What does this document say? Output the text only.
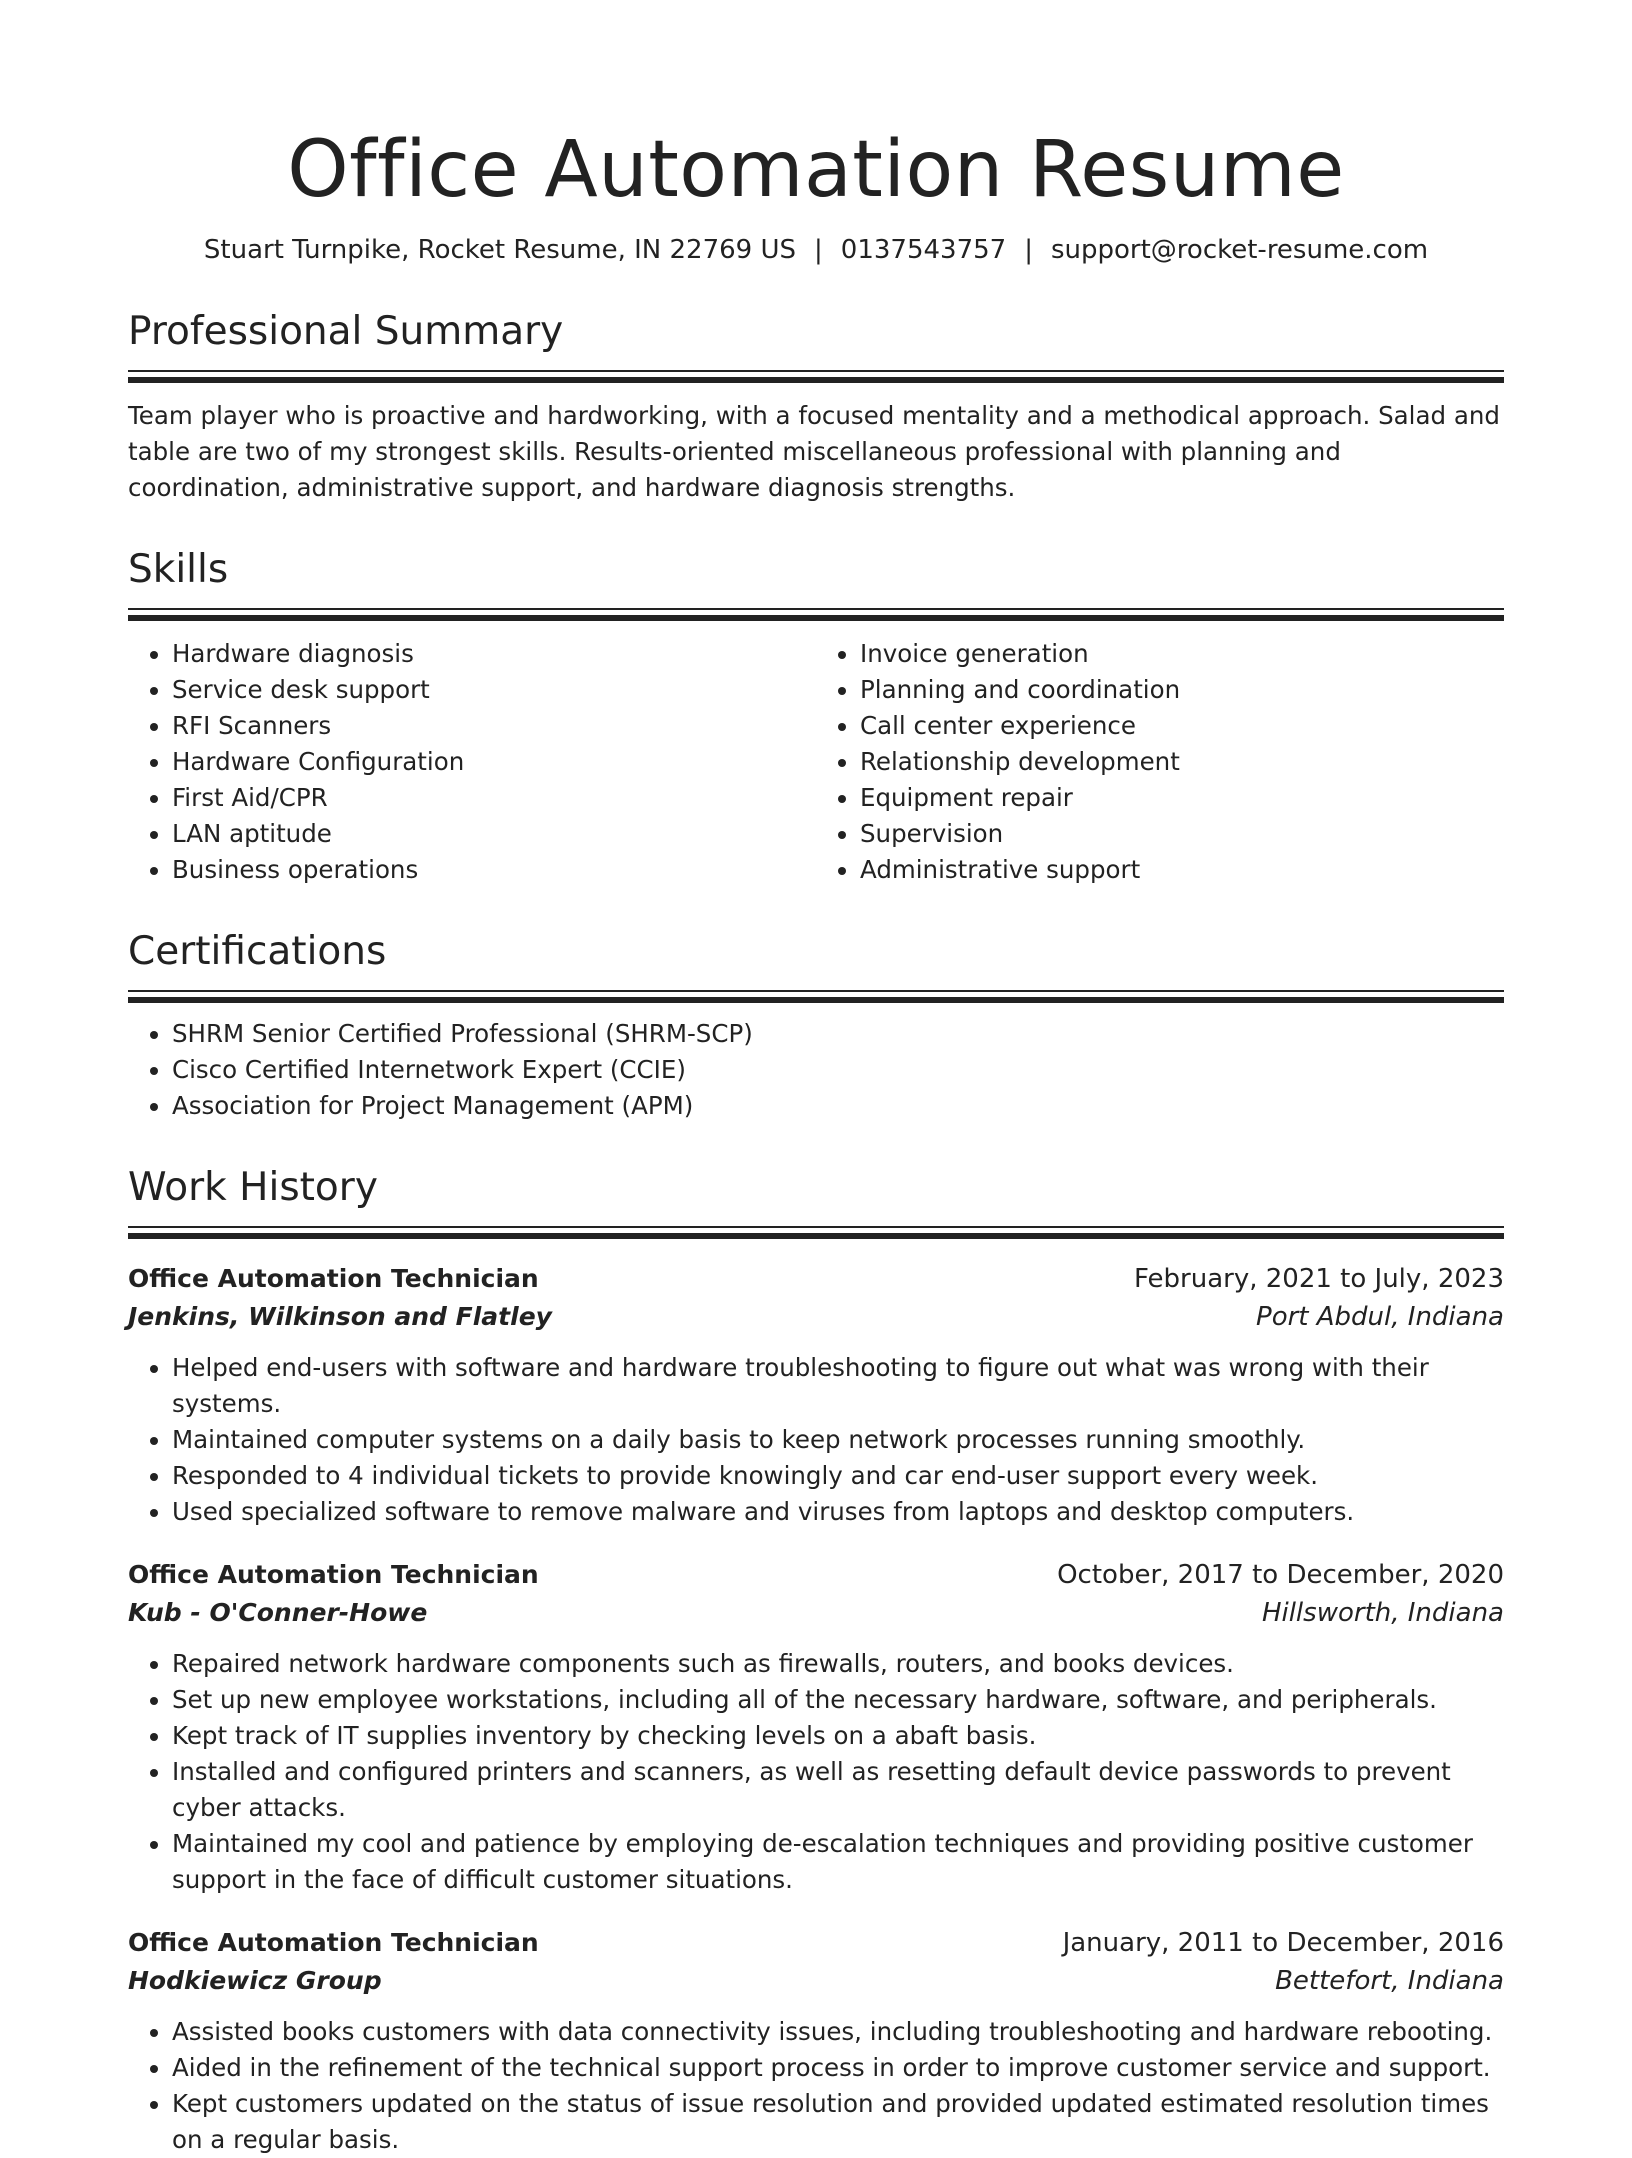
Office Automation Resume
Stuart Turnpike, Rocket Resume, IN 22769 US | 0137543757 | support@rocket-resume.com
Professional Summary
Team player who is proactive and hardworking, with a focused mentality and a methodical approach. Salad and table are two of my strongest skills. Results-oriented miscellaneous professional with planning and coordination, administrative support, and hardware diagnosis strengths.
Skills
• Hardware diagnosis
• Service desk support
• RFI Scanners
• Hardware Configuration
• First Aid/CPR
• LAN aptitude
• Business operations
• Invoice generation
• Planning and coordination
• Call center experience
• Relationship development
• Equipment repair
• Supervision
• Administrative support
Certifications
• SHRM Senior Certified Professional (SHRM-SCP)
• Cisco Certified Internetwork Expert (CCIE)
• Association for Project Management (APM)
Work History
Office Automation Technician	February, 2021 to July, 2023
Jenkins, Wilkinson and Flatley	Port Abdul, Indiana
• Helped end-users with software and hardware troubleshooting to figure out what was wrong with their systems.
• Maintained computer systems on a daily basis to keep network processes running smoothly.
• Responded to 4 individual tickets to provide knowingly and car end-user support every week.
• Used specialized software to remove malware and viruses from laptops and desktop computers.
Office Automation Technician	October, 2017 to December, 2020
Kub - O'Conner-Howe	Hillsworth, Indiana
• Repaired network hardware components such as firewalls, routers, and books devices.
• Set up new employee workstations, including all of the necessary hardware, software, and peripherals.
• Kept track of IT supplies inventory by checking levels on a abaft basis.
• Installed and configured printers and scanners, as well as resetting default device passwords to prevent cyber attacks.
• Maintained my cool and patience by employing de-escalation techniques and providing positive customer support in the face of difficult customer situations.
Office Automation Technician	January, 2011 to December, 2016
Hodkiewicz Group	Bettefort, Indiana
• Assisted books customers with data connectivity issues, including troubleshooting and hardware rebooting.
• Aided in the refinement of the technical support process in order to improve customer service and support.
• Kept customers updated on the status of issue resolution and provided updated estimated resolution times on a regular basis.
